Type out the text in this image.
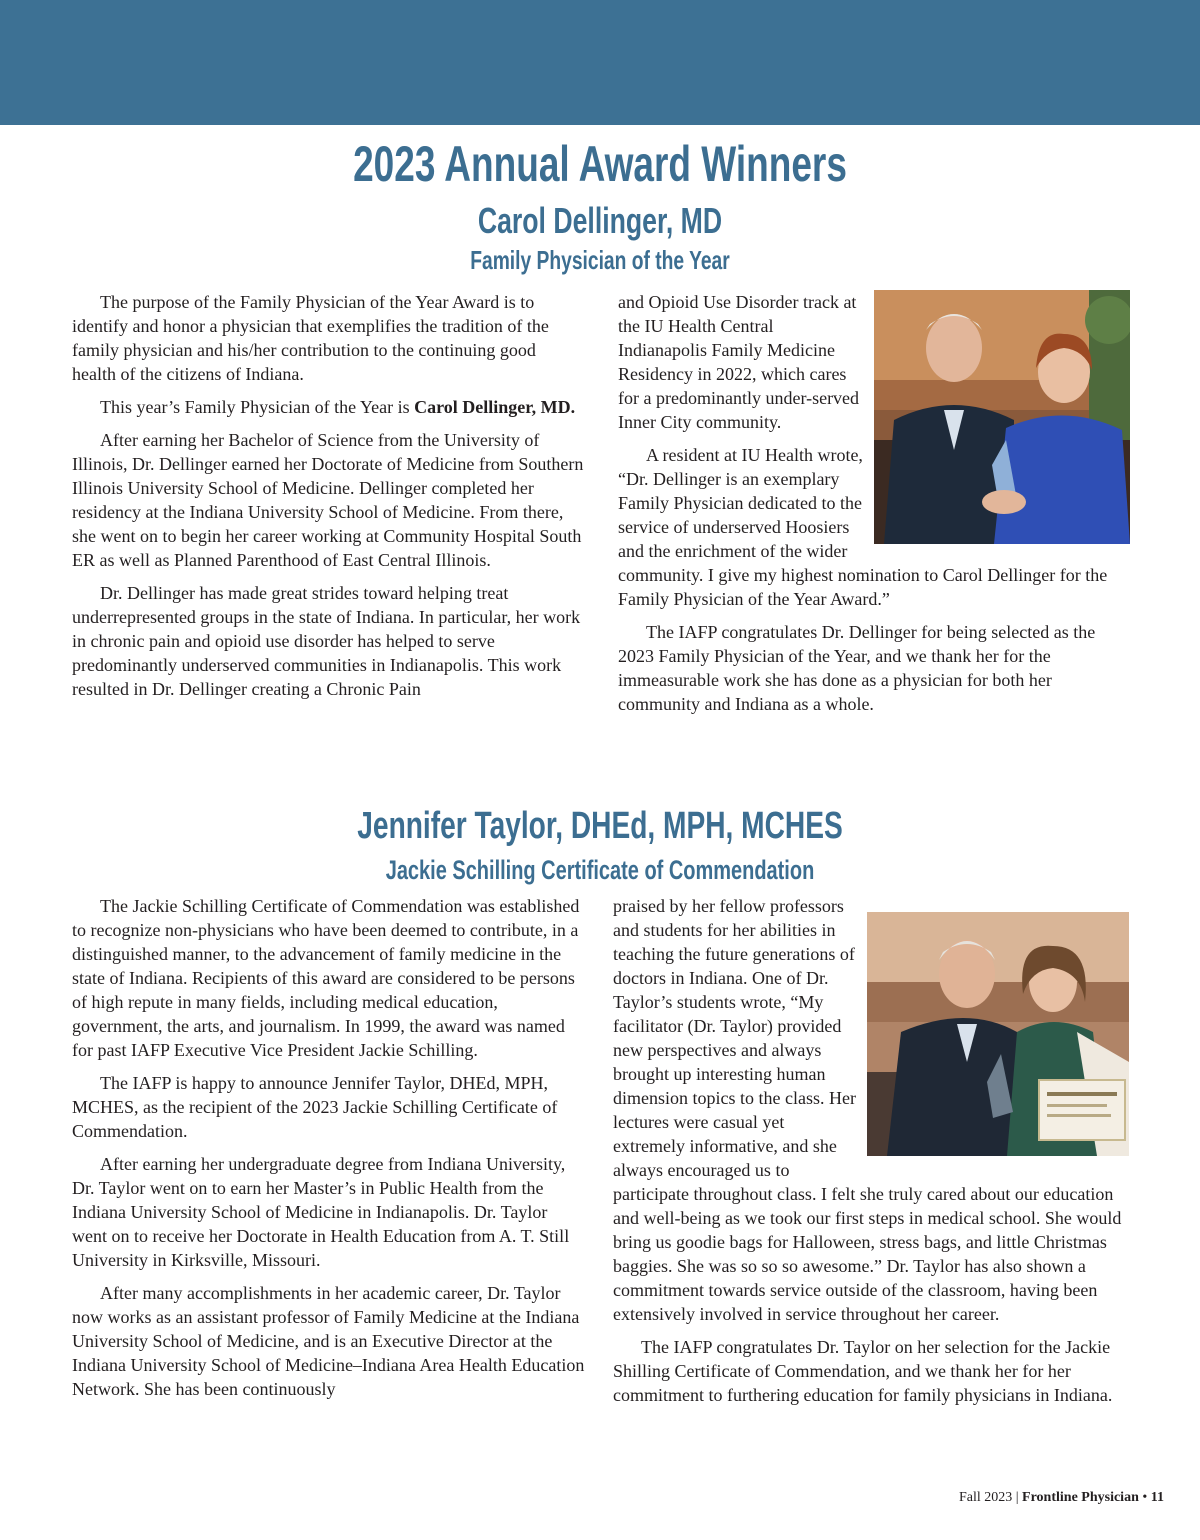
2023 Annual Award Winners
Carol Dellinger, MD
Family Physician of the Year

The purpose of the Family Physician of the Year Award is to identify and honor a physician that exemplifies the tradition of the family physician and his/her contribution to the continuing good health of the citizens of Indiana.

This year’s Family Physician of the Year is Carol Dellinger, MD.

After earning her Bachelor of Science from the University of Illinois, Dr. Dellinger earned her Doctorate of Medicine from Southern Illinois University School of Medicine. Dellinger completed her residency at the Indiana University School of Medicine. From there, she went on to begin her career working at Community Hospital South ER as well as Planned Parenthood of East Central Illinois.

Dr. Dellinger has made great strides toward helping treat underrepresented groups in the state of Indiana. In particular, her work in chronic pain and opioid use disorder has helped to serve predominantly underserved communities in Indianapolis. This work resulted in Dr. Dellinger creating a Chronic Pain

and Opioid Use Disorder track at the IU Health Central Indianapolis Family Medicine Residency in 2022, which cares for a predominantly under-served Inner City community.

A resident at IU Health wrote, “Dr. Dellinger is an exemplary Family Physician dedicated to the service of underserved Hoosiers and the enrichment of the wider community. I give my highest nomination to Carol Dellinger for the Family Physician of the Year Award.”

The IAFP congratulates Dr. Dellinger for being selected as the 2023 Family Physician of the Year, and we thank her for the immeasurable work she has done as a physician for both her community and Indiana as a whole.

Jennifer Taylor, DHEd, MPH, MCHES
Jackie Schilling Certificate of Commendation

The Jackie Schilling Certificate of Commendation was established to recognize non-physicians who have been deemed to contribute, in a distinguished manner, to the advancement of family medicine in the state of Indiana. Recipients of this award are considered to be persons of high repute in many fields, including medical education, government, the arts, and journalism. In 1999, the award was named for past IAFP Executive Vice President Jackie Schilling.

The IAFP is happy to announce Jennifer Taylor, DHEd, MPH, MCHES, as the recipient of the 2023 Jackie Schilling Certificate of Commendation.

After earning her undergraduate degree from Indiana University, Dr. Taylor went on to earn her Master’s in Public Health from the Indiana University School of Medicine in Indianapolis. Dr. Taylor went on to receive her Doctorate in Health Education from A. T. Still University in Kirksville, Missouri.

After many accomplishments in her academic career, Dr. Taylor now works as an assistant professor of Family Medicine at the Indiana University School of Medicine, and is an Executive Director at the Indiana University School of Medicine–Indiana Area Health Education Network. She has been continuously

praised by her fellow professors and students for her abilities in teaching the future generations of doctors in Indiana. One of Dr. Taylor’s students wrote, “My facilitator (Dr. Taylor) provided new perspectives and always brought up interesting human dimension topics to the class. Her lectures were casual yet extremely informative, and she always encouraged us to participate throughout class. I felt she truly cared about our education and well-being as we took our first steps in medical school. She would bring us goodie bags for Halloween, stress bags, and little Christmas baggies. She was so so so awesome.” Dr. Taylor has also shown a commitment towards service outside of the classroom, having been extensively involved in service throughout her career.

The IAFP congratulates Dr. Taylor on her selection for the Jackie Shilling Certificate of Commendation, and we thank her for her commitment to furthering education for family physicians in Indiana.

Fall 2023 | Frontline Physician • 11
